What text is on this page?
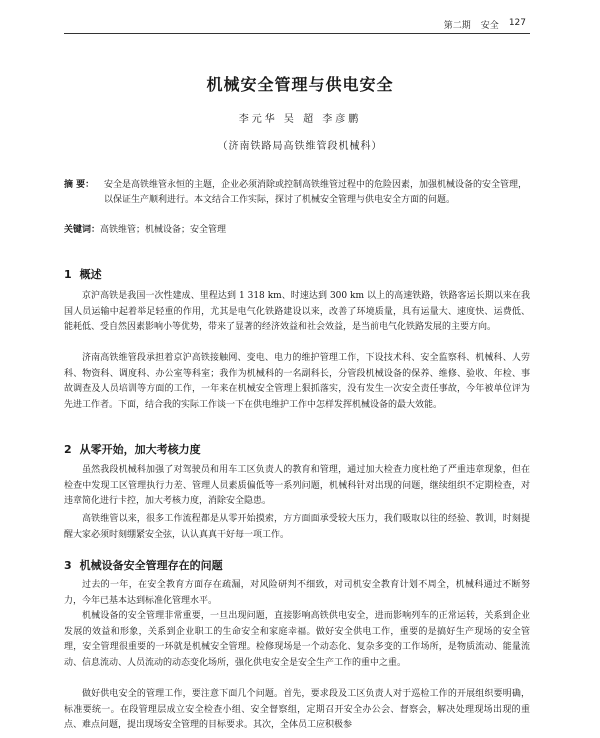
第二期 安全 127
机械安全管理与供电安全
李元华 吴 超 李彦鹏
（济南铁路局高铁维管段机械科）
摘 要： 安全是高铁维管永恒的主题，企业必须消除或控制高铁维管过程中的危险因素，加强机械设备的安全管理，以保证生产顺利进行。本文结合工作实际，探讨了机械安全管理与供电安全方面的问题。
关键词：高铁维管；机械设备；安全管理
1 概述
京沪高铁是我国一次性建成、里程达到 1 318 km、时速达到 300 km 以上的高速铁路，铁路客运长期以来在我国人员运输中起着举足轻重的作用，尤其是电气化铁路建设以来，改善了环境质量，具有运量大、速度快、运费低、能耗低、受自然因素影响小等优势，带来了显著的经济效益和社会效益，是当前电气化铁路发展的主要方向。
济南高铁维管段承担着京沪高铁接触网、变电、电力的维护管理工作，下设技术科、安全监察科、机械科、人劳科、物资科、调度科、办公室等科室；我作为机械科的一名副科长，分管段机械设备的保养、维修、验收、年检、事故调查及人员培训等方面的工作，一年来在机械安全管理上狠抓落实，没有发生一次安全责任事故，今年被单位评为先进工作者。下面，结合我的实际工作谈一下在供电维护工作中怎样发挥机械设备的最大效能。
2 从零开始，加大考核力度
虽然我段机械科加强了对驾驶员和用车工区负责人的教育和管理，通过加大检查力度杜绝了严重违章现象，但在检查中发现工区管理执行力差、管理人员素质偏低等一系列问题，机械科针对出现的问题，继续组织不定期检查，对违章简化进行卡控，加大考核力度，消除安全隐患。
高铁维管以来，很多工作流程都是从零开始摸索，方方面面承受较大压力，我们吸取以往的经验、教训，时刻提醒大家必须时刻绷紧安全弦，认认真真干好每一项工作。
3 机械设备安全管理存在的问题
过去的一年，在安全教育方面存在疏漏，对风险研判不细致，对司机安全教育计划不周全，机械科通过不断努力，今年已基本达到标准化管理水平。
机械设备的安全管理非常重要，一旦出现问题，直接影响高铁供电安全，进而影响列车的正常运转，关系到企业发展的效益和形象，关系到企业职工的生命安全和家庭幸福。做好安全供电工作，重要的是搞好生产现场的安全管理，安全管理很重要的一环就是机械安全管理。检修现场是一个动态化、复杂多变的工作场所，是物质流动、能量流动、信息流动、人员流动的动态变化场所，强化供电安全是安全生产工作的重中之重。
做好供电安全的管理工作，要注意下面几个问题。首先，要求段及工区负责人对于巡检工作的开展组织要明确，标准要统一。在段管理层成立安全检查小组、安全督察组，定期召开安全办公会、督察会，解决处理现场出现的重点、难点问题，提出现场安全管理的目标要求。其次，全体员工应积极参
